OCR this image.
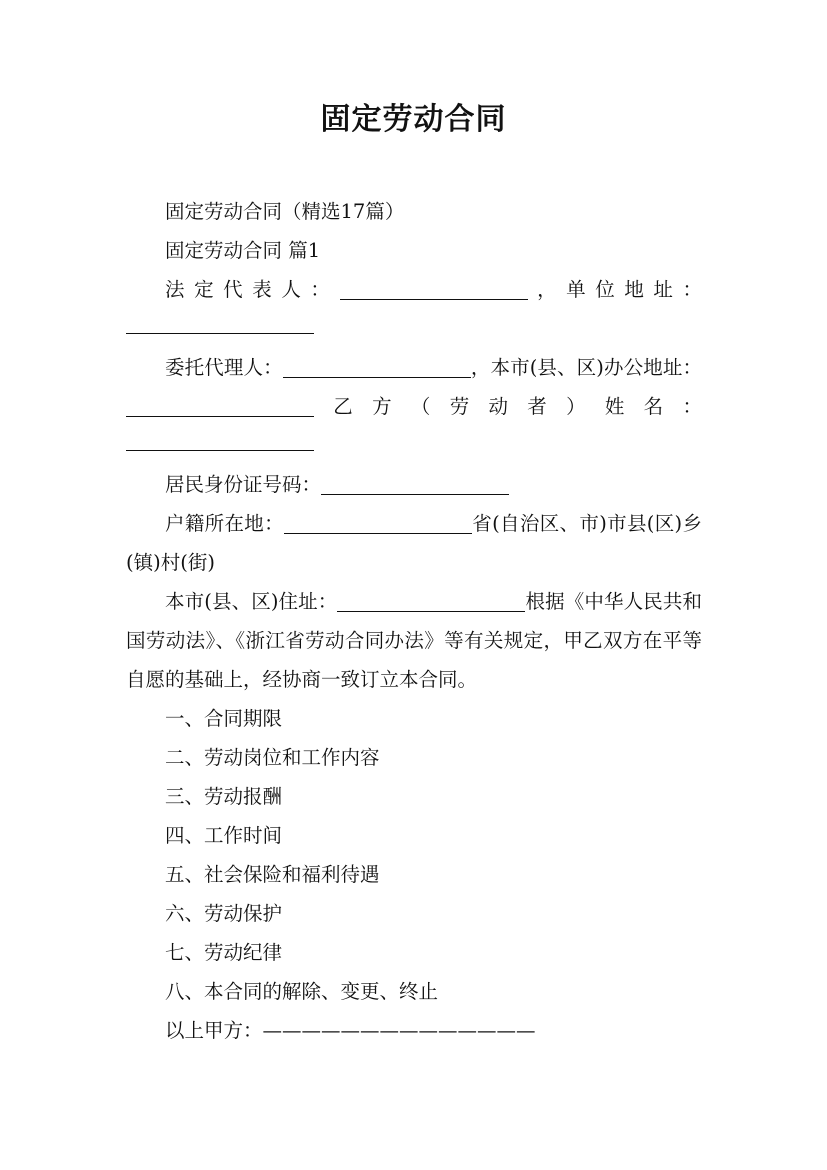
固定劳动合同

固定劳动合同（精选17篇）

固定劳动合同 篇1

法定代表人：	，单位地址：

委托代理人：	，本市(县、区)办公地址：乙方（劳动者）姓名：

居民身份证号码：

户籍所在地：	省(自治区、市)市县(区)乡(镇)村(街)

本市(县、区)住址：	根据《中华人民共和国劳动法》、《浙江省劳动合同办法》等有关规定，甲乙双方在平等自愿的基础上，经协商一致订立本合同。

一、合同期限

二、劳动岗位和工作内容

三、劳动报酬

四、工作时间

五、社会保险和福利待遇

六、劳动保护

七、劳动纪律

八、本合同的解除、变更、终止

以上甲方：——————————————
